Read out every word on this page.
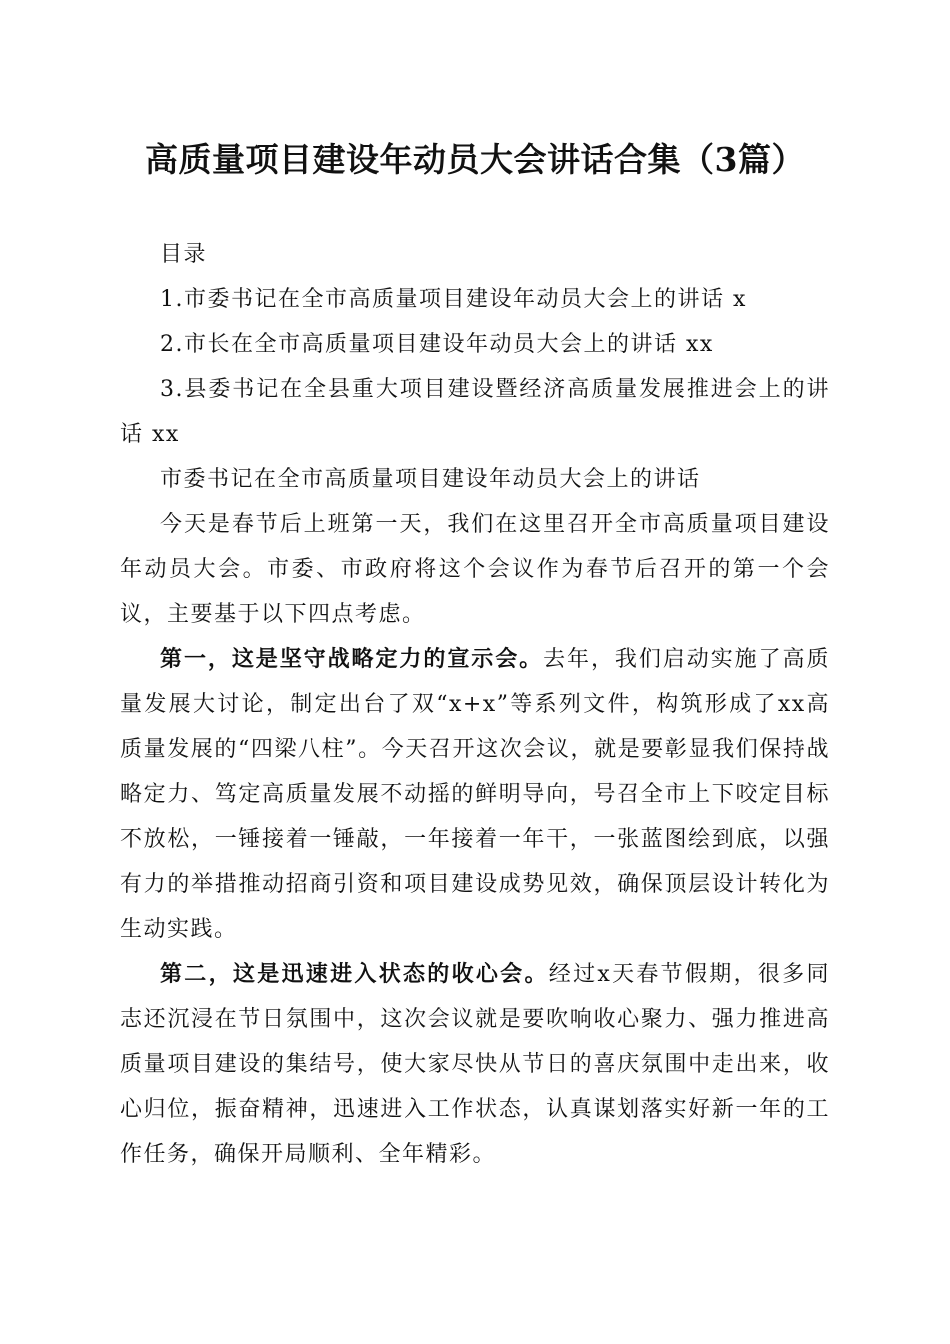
高质量项目建设年动员大会讲话合集（3篇）

目录

1.市委书记在全市高质量项目建设年动员大会上的讲话 x

2.市长在全市高质量项目建设年动员大会上的讲话 xx

3.县委书记在全县重大项目建设暨经济高质量发展推进会上的讲话 xx

市委书记在全市高质量项目建设年动员大会上的讲话

今天是春节后上班第一天，我们在这里召开全市高质量项目建设年动员大会。市委、市政府将这个会议作为春节后召开的第一个会议，主要基于以下四点考虑。

第一，这是坚守战略定力的宣示会。去年，我们启动实施了高质量发展大讨论，制定出台了双“x+x”等系列文件，构筑形成了xx高质量发展的“四梁八柱”。今天召开这次会议，就是要彰显我们保持战略定力、笃定高质量发展不动摇的鲜明导向，号召全市上下咬定目标不放松，一锤接着一锤敲，一年接着一年干，一张蓝图绘到底，以强有力的举措推动招商引资和项目建设成势见效，确保顶层设计转化为生动实践。

第二，这是迅速进入状态的收心会。经过x天春节假期，很多同志还沉浸在节日氛围中，这次会议就是要吹响收心聚力、强力推进高质量项目建设的集结号，使大家尽快从节日的喜庆氛围中走出来，收心归位，振奋精神，迅速进入工作状态，认真谋划落实好新一年的工作任务，确保开局顺利、全年精彩。
